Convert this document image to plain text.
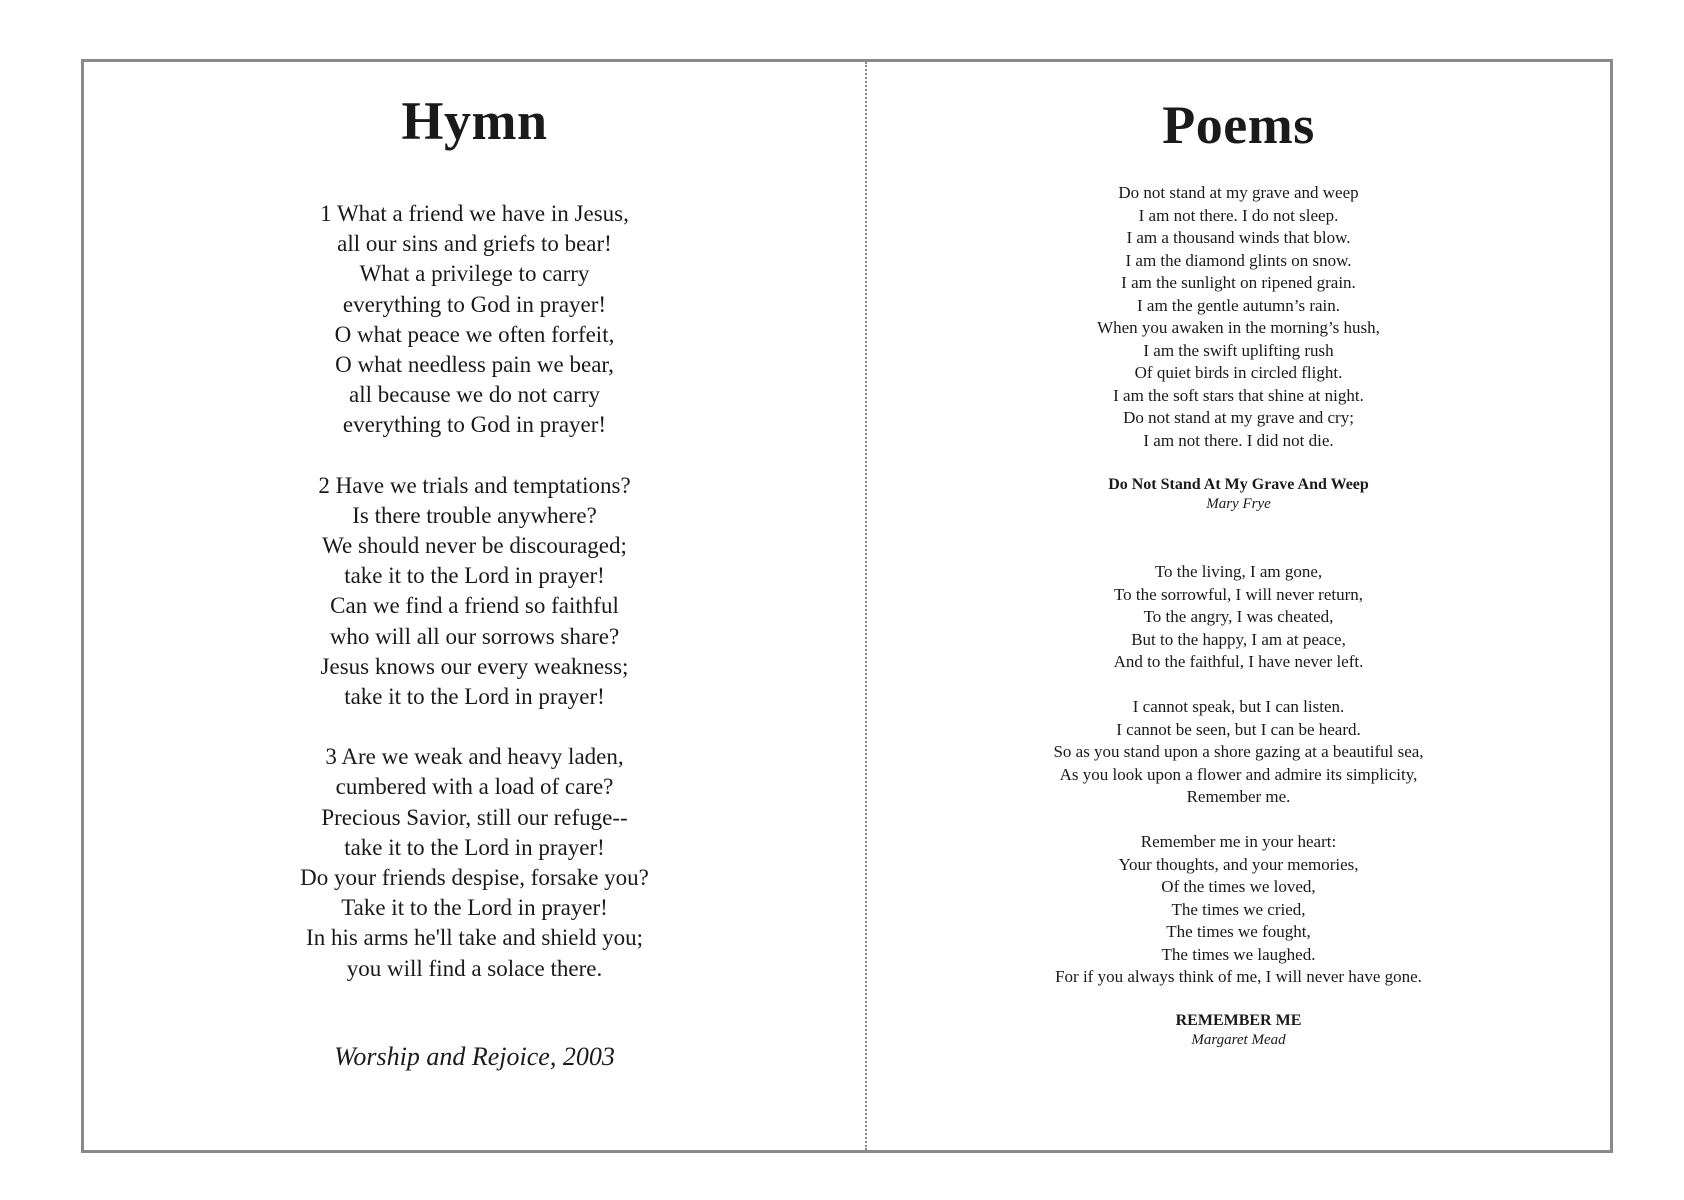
Hymn
1 What a friend we have in Jesus,
all our sins and griefs to bear!
What a privilege to carry
everything to God in prayer!
O what peace we often forfeit,
O what needless pain we bear,
all because we do not carry
everything to God in prayer!
2 Have we trials and temptations?
Is there trouble anywhere?
We should never be discouraged;
take it to the Lord in prayer!
Can we find a friend so faithful
who will all our sorrows share?
Jesus knows our every weakness;
take it to the Lord in prayer!
3 Are we weak and heavy laden,
cumbered with a load of care?
Precious Savior, still our refuge--
take it to the Lord in prayer!
Do your friends despise, forsake you?
Take it to the Lord in prayer!
In his arms he'll take and shield you;
you will find a solace there.
Worship and Rejoice, 2003
Poems
Do not stand at my grave and weep
I am not there. I do not sleep.
I am a thousand winds that blow.
I am the diamond glints on snow.
I am the sunlight on ripened grain.
I am the gentle autumn’s rain.
When you awaken in the morning’s hush,
I am the swift uplifting rush
Of quiet birds in circled flight.
I am the soft stars that shine at night.
Do not stand at my grave and cry;
I am not there. I did not die.
Do Not Stand At My Grave And Weep
Mary Frye
To the living, I am gone,
To the sorrowful, I will never return,
To the angry, I was cheated,
But to the happy, I am at peace,
And to the faithful, I have never left.
I cannot speak, but I can listen.
I cannot be seen, but I can be heard.
So as you stand upon a shore gazing at a beautiful sea,
As you look upon a flower and admire its simplicity,
Remember me.
Remember me in your heart:
Your thoughts, and your memories,
Of the times we loved,
The times we cried,
The times we fought,
The times we laughed.
For if you always think of me, I will never have gone.
REMEMBER ME
Margaret Mead
